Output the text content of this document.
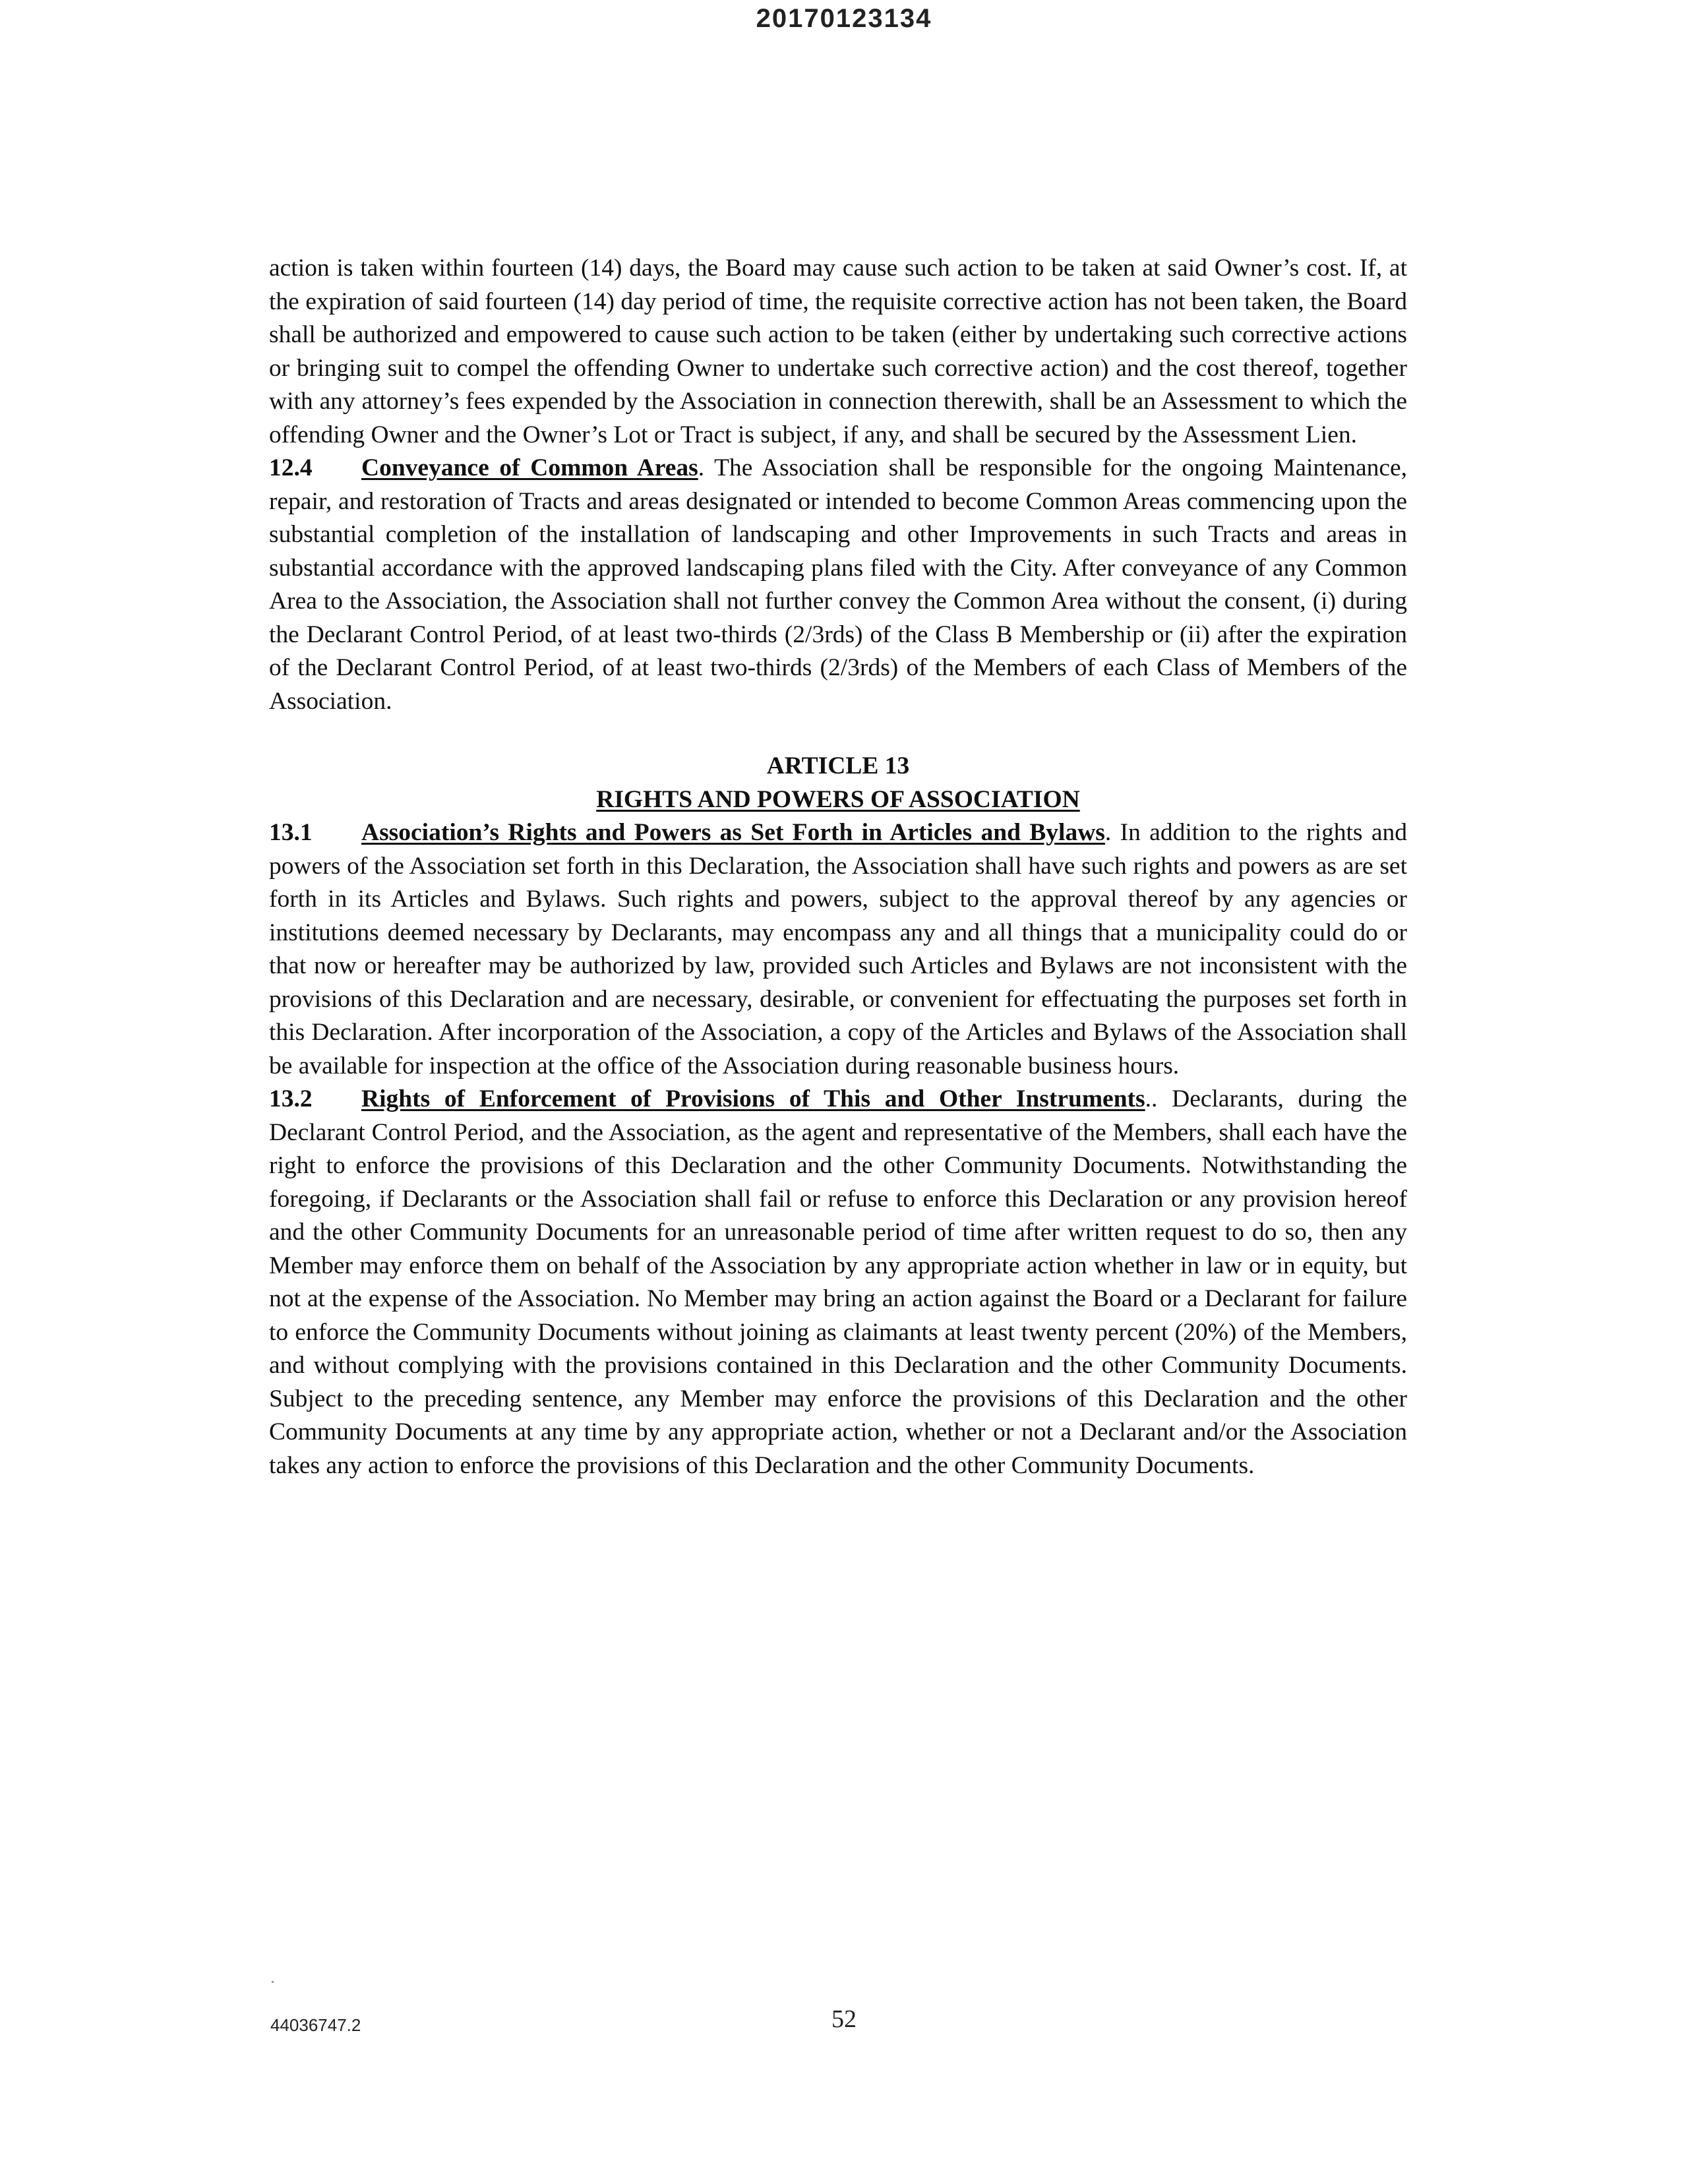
20170123134

action is taken within fourteen (14) days, the Board may cause such action to be taken at said Owner’s cost. If, at the expiration of said fourteen (14) day period of time, the requisite corrective action has not been taken, the Board shall be authorized and empowered to cause such action to be taken (either by undertaking such corrective actions or bringing suit to compel the offending Owner to undertake such corrective action) and the cost thereof, together with any attorney’s fees expended by the Association in connection therewith, shall be an Assessment to which the offending Owner and the Owner’s Lot or Tract is subject, if any, and shall be secured by the Assessment Lien.

12.4 Conveyance of Common Areas. The Association shall be responsible for the ongoing Maintenance, repair, and restoration of Tracts and areas designated or intended to become Common Areas commencing upon the substantial completion of the installation of landscaping and other Improvements in such Tracts and areas in substantial accordance with the approved landscaping plans filed with the City. After conveyance of any Common Area to the Association, the Association shall not further convey the Common Area without the consent, (i) during the Declarant Control Period, of at least two-thirds (2/3rds) of the Class B Membership or (ii) after the expiration of the Declarant Control Period, of at least two-thirds (2/3rds) of the Members of each Class of Members of the Association.

ARTICLE 13
RIGHTS AND POWERS OF ASSOCIATION

13.1 Association’s Rights and Powers as Set Forth in Articles and Bylaws. In addition to the rights and powers of the Association set forth in this Declaration, the Association shall have such rights and powers as are set forth in its Articles and Bylaws. Such rights and powers, subject to the approval thereof by any agencies or institutions deemed necessary by Declarants, may encompass any and all things that a municipality could do or that now or hereafter may be authorized by law, provided such Articles and Bylaws are not inconsistent with the provisions of this Declaration and are necessary, desirable, or convenient for effectuating the purposes set forth in this Declaration. After incorporation of the Association, a copy of the Articles and Bylaws of the Association shall be available for inspection at the office of the Association during reasonable business hours.

13.2 Rights of Enforcement of Provisions of This and Other Instruments.. Declarants, during the Declarant Control Period, and the Association, as the agent and representative of the Members, shall each have the right to enforce the provisions of this Declaration and the other Community Documents. Notwithstanding the foregoing, if Declarants or the Association shall fail or refuse to enforce this Declaration or any provision hereof and the other Community Documents for an unreasonable period of time after written request to do so, then any Member may enforce them on behalf of the Association by any appropriate action whether in law or in equity, but not at the expense of the Association. No Member may bring an action against the Board or a Declarant for failure to enforce the Community Documents without joining as claimants at least twenty percent (20%) of the Members, and without complying with the provisions contained in this Declaration and the other Community Documents. Subject to the preceding sentence, any Member may enforce the provisions of this Declaration and the other Community Documents at any time by any appropriate action, whether or not a Declarant and/or the Association takes any action to enforce the provisions of this Declaration and the other Community Documents.

44036747.2	52
